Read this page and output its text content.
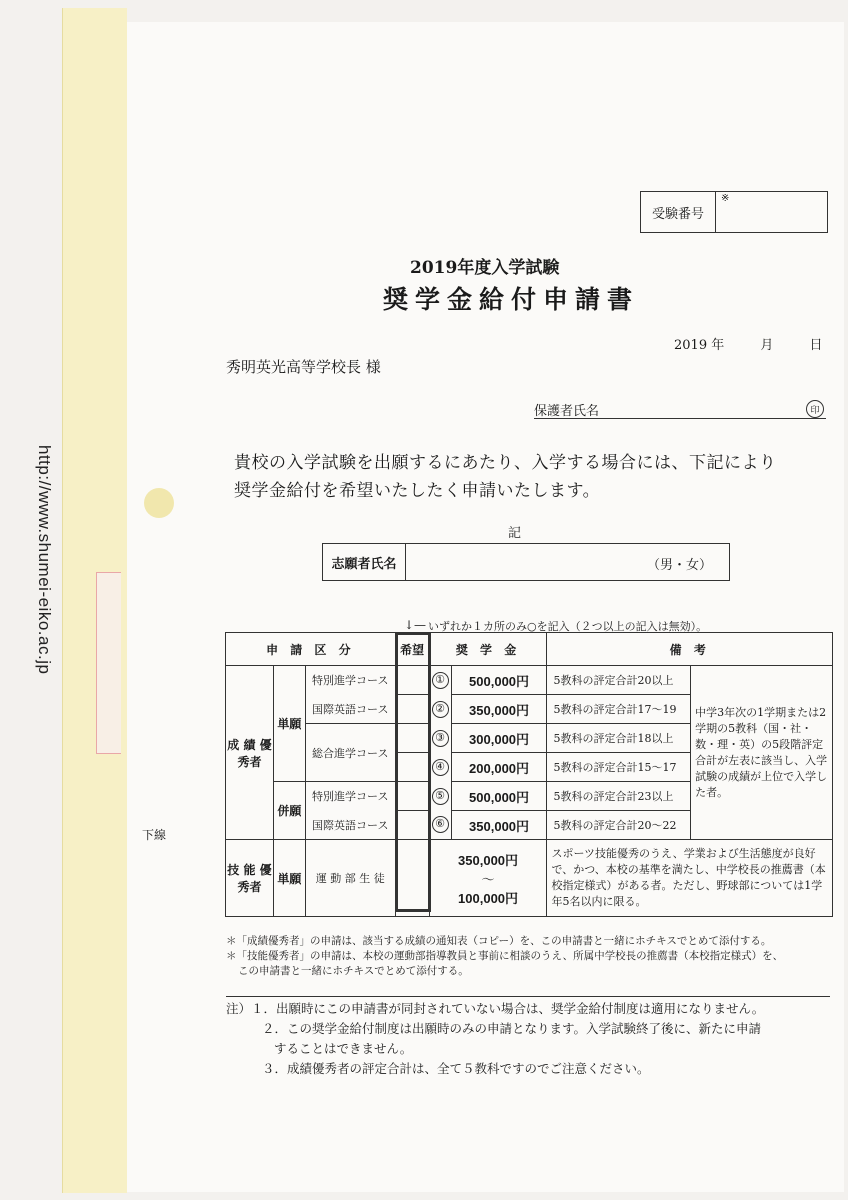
http://www.shumei-eiko.ac.jp
下線
受験番号
※
2019年度入学試験
奨学金給付申請書
2019 年	月	日
秀明英光高等学校長 様
保護者氏名	印
貴校の入学試験を出願するにあたり、入学する場合には、下記により
奨学金給付を希望いたしたく申請いたします。
記
志願者氏名	（男・女）
↓— いずれか１カ所のみ○を記入（２つ以上の記入は無効）。
申 請 区 分			希望	奨 学 金		備 考	
成 績 優秀者	単願	特別進学コース		①	500,000円	5教科の評定合計20以上	中学3年次の1学期または2学期の5教科（国・社・数・理・英）の5段階評定合計が左表に該当し、入学試験の成績が上位で入学した者。
		国際英語コース		②	350,000円	5教科の評定合計17～19	
		総合進学コース		③	300,000円	5教科の評定合計18以上	
				④	200,000円	5教科の評定合計15～17	
	併願	特別進学コース		⑤	500,000円	5教科の評定合計23以上	
		国際英語コース		⑥	350,000円	5教科の評定合計20～22	
技 能 優秀者	単願	運 動 部 生 徒		350,000円
～
100,000円		スポーツ技能優秀のうえ、学業および生活態度が良好で、かつ、本校の基準を満たし、中学校長の推薦書（本校指定様式）がある者。ただし、野球部については1学年5名以内に限る。	
＊「成績優秀者」の申請は、該当する成績の通知表（コピー）を、この申請書と一緒にホチキスでとめて添付する。
＊「技能優秀者」の申請は、本校の運動部指導教員と事前に相談のうえ、所属中学校長の推薦書（本校指定様式）を、
この申請書と一緒にホチキスでとめて添付する。
注）１．出願時にこの申請書が同封されていない場合は、奨学金給付制度は適用になりません。
２．この奨学金給付制度は出願時のみの申請となります。入学試験終了後に、新たに申請
することはできません。
３．成績優秀者の評定合計は、全て５教科ですのでご注意ください。
